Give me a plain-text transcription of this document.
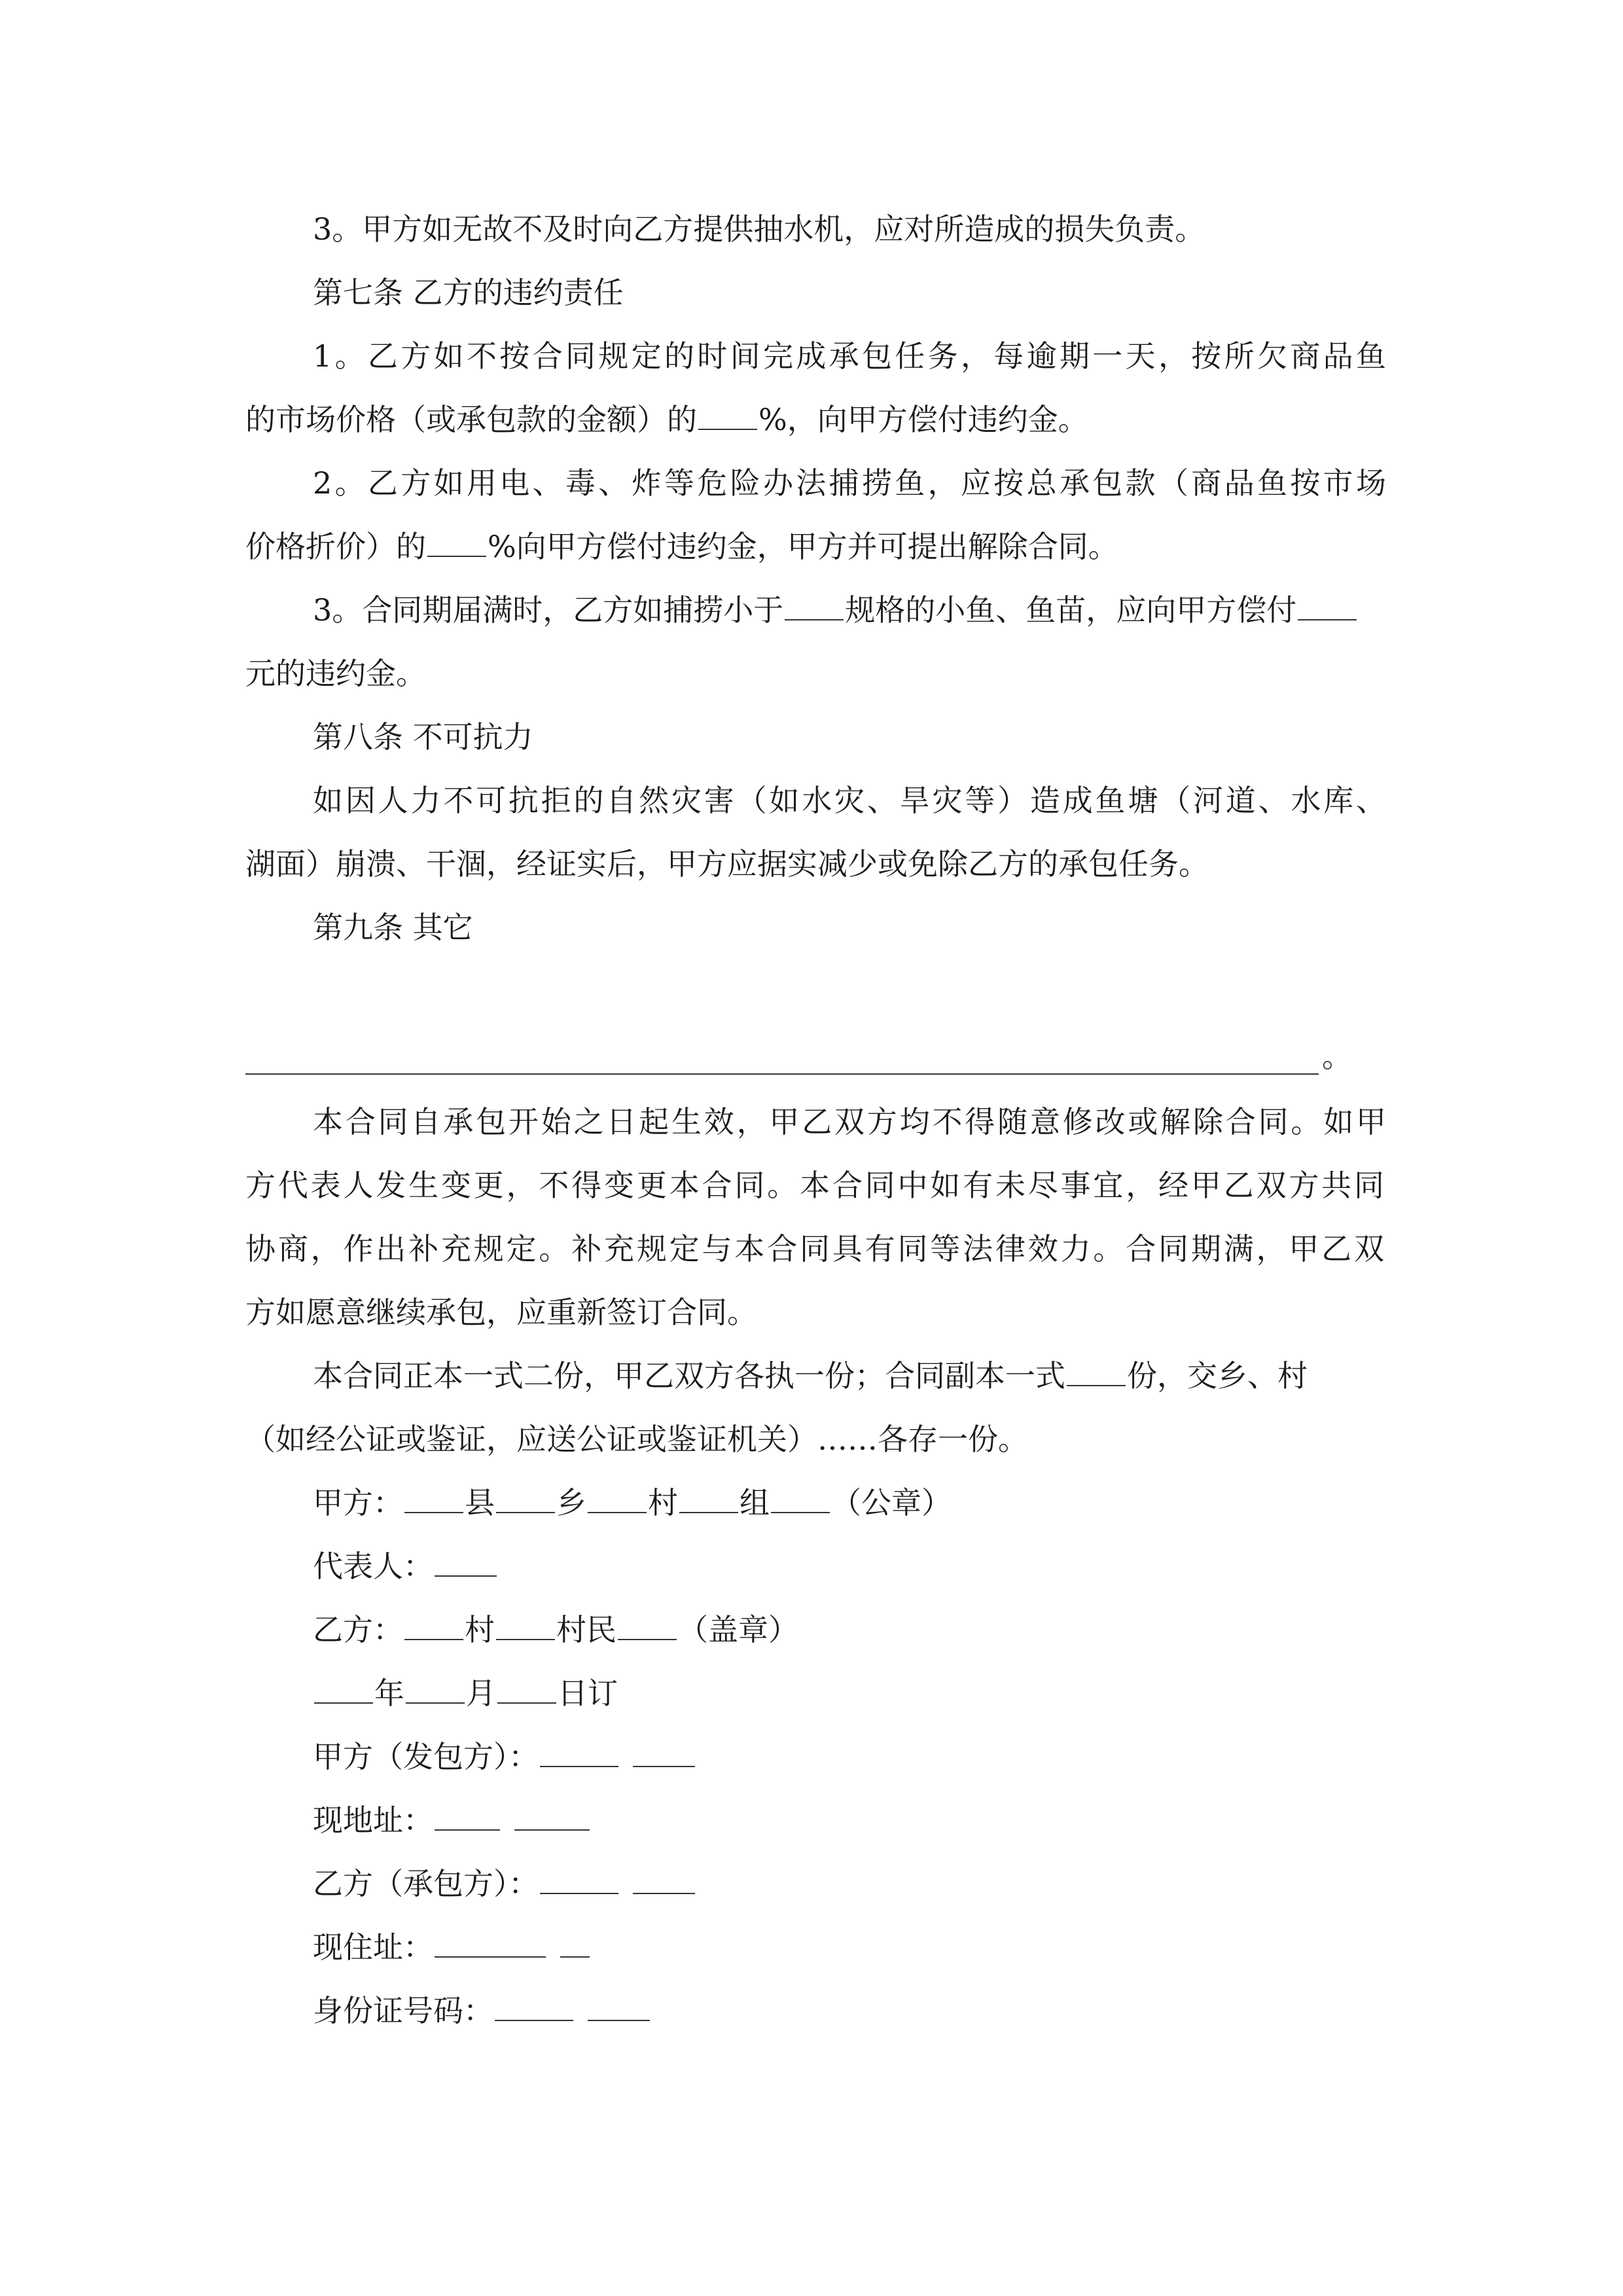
3。甲方如无故不及时向乙方提供抽水机，应对所造成的损失负责。
第七条 乙方的违约责任
1。乙方如不按合同规定的时间完成承包任务，每逾期一天，按所欠商品鱼
的市场价格（或承包款的金额）的 %，向甲方偿付违约金。
2。乙方如用电、毒、炸等危险办法捕捞鱼，应按总承包款（商品鱼按市场
价格折价）的 %向甲方偿付违约金，甲方并可提出解除合同。
3。合同期届满时，乙方如捕捞小于 规格的小鱼、鱼苗，应向甲方偿付
元的违约金。
第八条 不可抗力
如因人力不可抗拒的自然灾害（如水灾、旱灾等）造成鱼塘（河道、水库、
湖面）崩溃、干涸，经证实后，甲方应据实减少或免除乙方的承包任务。
第九条 其它
。
本合同自承包开始之日起生效，甲乙双方均不得随意修改或解除合同。如甲
方代表人发生变更，不得变更本合同。本合同中如有未尽事宜，经甲乙双方共同
协商，作出补充规定。补充规定与本合同具有同等法律效力。合同期满，甲乙双
方如愿意继续承包，应重新签订合同。
本合同正本一式二份，甲乙双方各执一份；合同副本一式 份，交乡、村
（如经公证或鉴证，应送公证或鉴证机关）……各存一份。
甲方： 县 乡 村 组 （公章）
代表人：
乙方： 村 村民 （盖章）
年 月 日订
甲方（发包方）：
现地址：
乙方（承包方）：
现住址：
身份证号码：
